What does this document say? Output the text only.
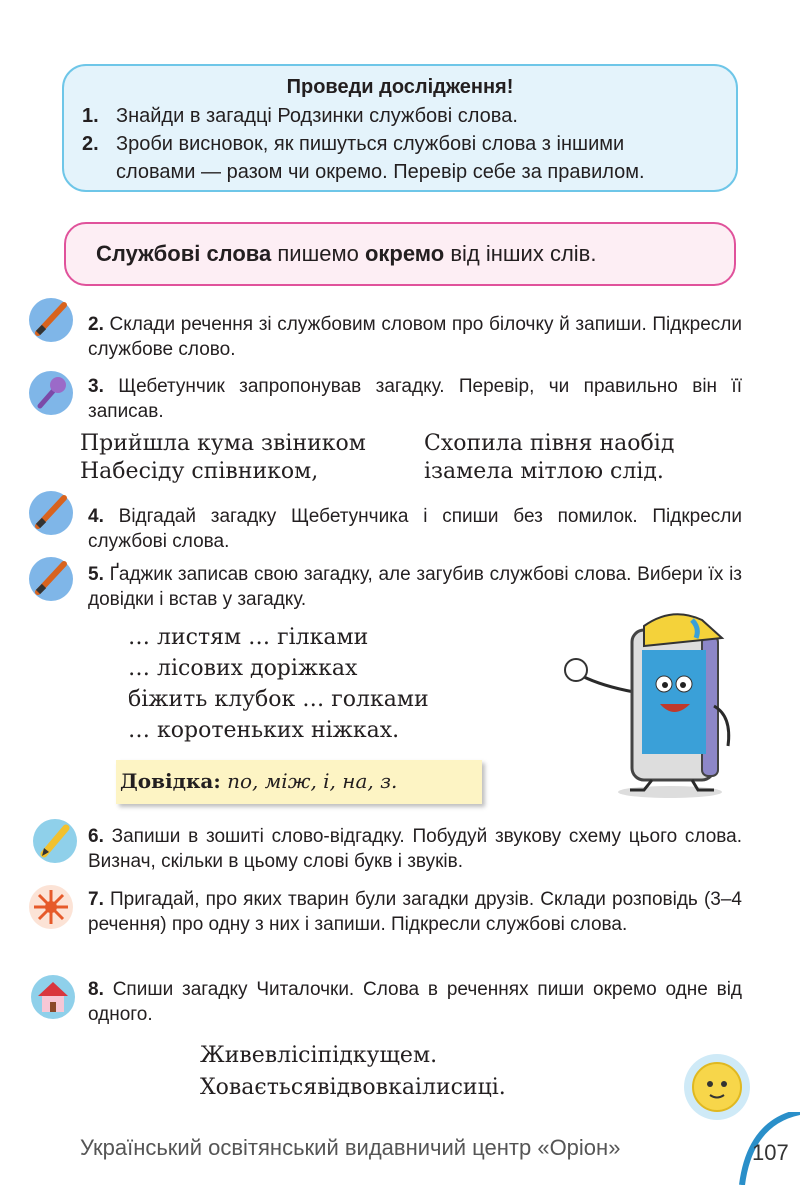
Проведи дослідження!
1. Знайди в загадці Родзинки службові слова.
2. Зроби висновок, як пишуться службові слова з іншими
словами — разом чи окремо. Перевір себе за правилом.
Службові слова пишемо окремо від інших слів.
2. Склади речення зі службовим словом про білочку й запиши. Підкресли службове слово.
3. Щебетунчик запропонував загадку. Перевір, чи правильно він її записав.
Прийшла кума звіником
Набесіду співником,
Схопила півня наобід
ізамела мітлою слід.
4. Відгадай загадку Щебетунчика і спиши без помилок. Підкресли службові слова.
5. Ґаджик записав свою загадку, але загубив службові слова. Вибери їх із довідки і встав у загадку.
… листям … гілками
… лісових доріжках
біжить клубок … голками
… коротеньких ніжках.
Довідка: по, між, і, на, з.
6. Запиши в зошиті слово-відгадку. Побудуй звукову схему цього слова. Визнач, скільки в цьому слові букв і звуків.
7. Пригадай, про яких тварин були загадки друзів. Склади розповідь (3–4 речення) про одну з них і запиши. Підкресли службові слова.
8. Спиши загадку Читалочки. Слова в реченнях пиши окремо одне від одного.
Живевлісіпідкущем.
Ховаєтьсявідвовкаілисиці.
Український освітянський видавничий центр «Оріон»	107
